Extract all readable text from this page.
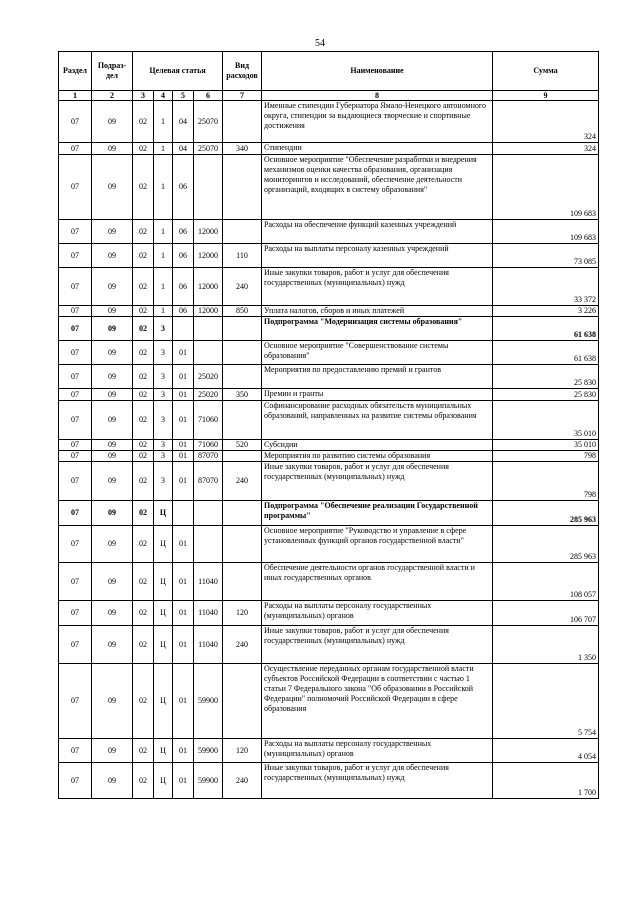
54
Раздел	Подраз-дел	Целевая статья				Вид расходов	Наименование	Сумма
1	2	3	4	5	6	7	8	9
07	09	02	1	04	25070		Именные стипендии Губернатора Ямало-Ненецкого автономного округа, стипендии за выдающиеся творческие и спортивные достижения	324
07	09	02	1	04	25070	340	Стипендии	324
07	09	02	1	06			Основное мероприятие "Обеспечение разработки и внедрения механизмов оценки качества образования, организация мониторингов и исследований, обеспечение деятельности организаций, входящих в систему образования"	109 683
07	09	02	1	06	12000		Расходы на обеспечение функций казенных учреждений	109 683
07	09	02	1	06	12000	110	Расходы на выплаты персоналу казенных учреждений	73 085
07	09	02	1	06	12000	240	Иные закупки товаров, работ и услуг для обеспечения государственных (муниципальных) нужд	33 372
07	09	02	1	06	12000	850	Уплата налогов, сборов и иных платежей	3 226
07	09	02	3				Подпрограмма "Модернизация системы образования"	61 638
07	09	02	3	01			Основное мероприятие "Совершенствование системы образования"	61 638
07	09	02	3	01	25020		Мероприятия по предоставлению премий и грантов	25 830
07	09	02	3	01	25020	350	Премии и гранты	25 830
07	09	02	3	01	71060		Софинансирование расходных обязательств муниципальных образований, направленных на развитие системы образования	35 010
07	09	02	3	01	71060	520	Субсидии	35 010
07	09	02	3	01	87070		Мероприятия по развитию системы образования	798
07	09	02	3	01	87070	240	Иные закупки товаров, работ и услуг для обеспечения государственных (муниципальных) нужд	798
07	09	02	Ц				Подпрограмма "Обеспечение реализации Государственной программы"	285 963
07	09	02	Ц	01			Основное мероприятие "Руководство и управление в сфере установленных функций органов государственной власти"	285 963
07	09	02	Ц	01	11040		Обеспечение деятельности органов государственной власти и иных государственных органов	108 057
07	09	02	Ц	01	11040	120	Расходы на выплаты персоналу государственных (муниципальных) органов	106 707
07	09	02	Ц	01	11040	240	Иные закупки товаров, работ и услуг для обеспечения государственных (муниципальных) нужд	1 350
07	09	02	Ц	01	59900		Осуществление переданных органам государственной власти субъектов Российской Федерации в соответствии с частью 1 статьи 7 Федерального закона "Об образовании в Российской Федерации" полномочий Российской Федерации в сфере образования	5 754
07	09	02	Ц	01	59900	120	Расходы на выплаты персоналу государственных (муниципальных) органов	4 054
07	09	02	Ц	01	59900	240	Иные закупки товаров, работ и услуг для обеспечения государственных (муниципальных) нужд	1 700
